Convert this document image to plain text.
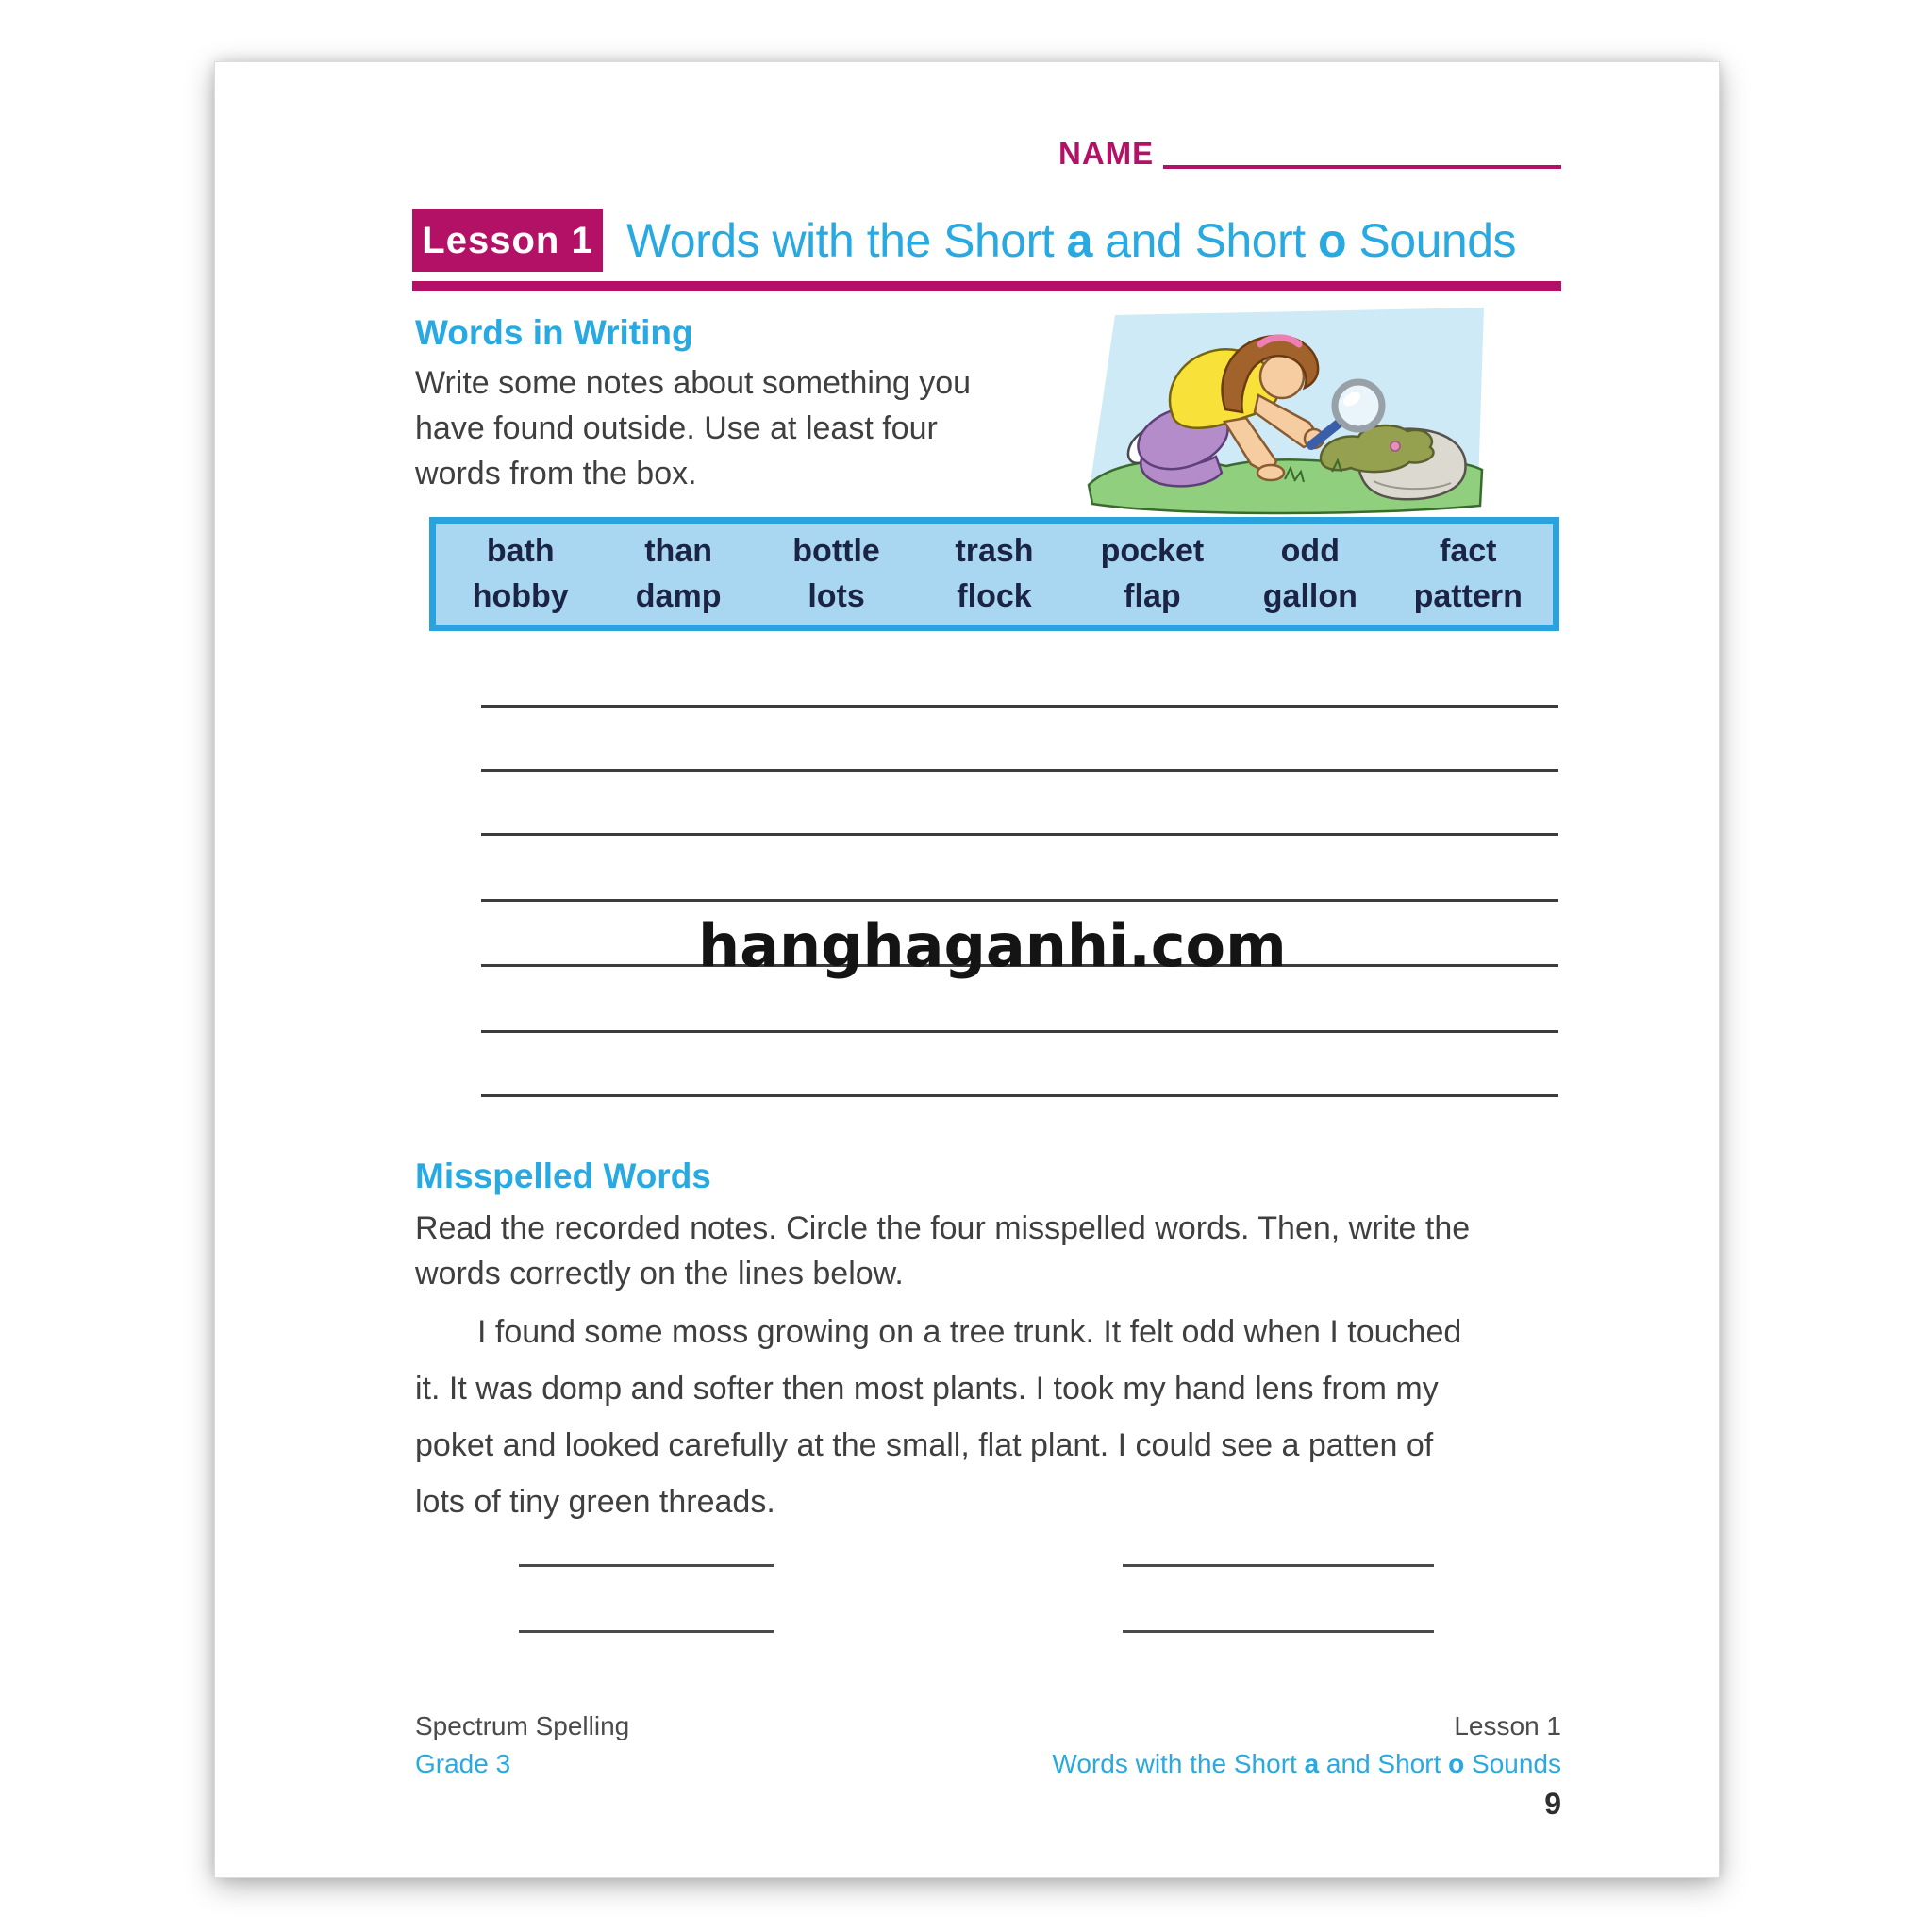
NAME
Lesson 1 Words with the Short a and Short o Sounds
Words in Writing
Write some notes about something you
have found outside. Use at least four
words from the box.
bath	than	bottle	trash	pocket	odd	fact
hobby	damp	lots	flock	flap	gallon	pattern
hanghaganhi.com
Misspelled Words
Read the recorded notes. Circle the four misspelled words. Then, write the
words correctly on the lines below.
I found some moss growing on a tree trunk. It felt odd when I touched
it. It was domp and softer then most plants. I took my hand lens from my
poket and looked carefully at the small, flat plant. I could see a patten of
lots of tiny green threads.
Spectrum Spelling
Grade 3
Lesson 1
Words with the Short a and Short o Sounds
9
